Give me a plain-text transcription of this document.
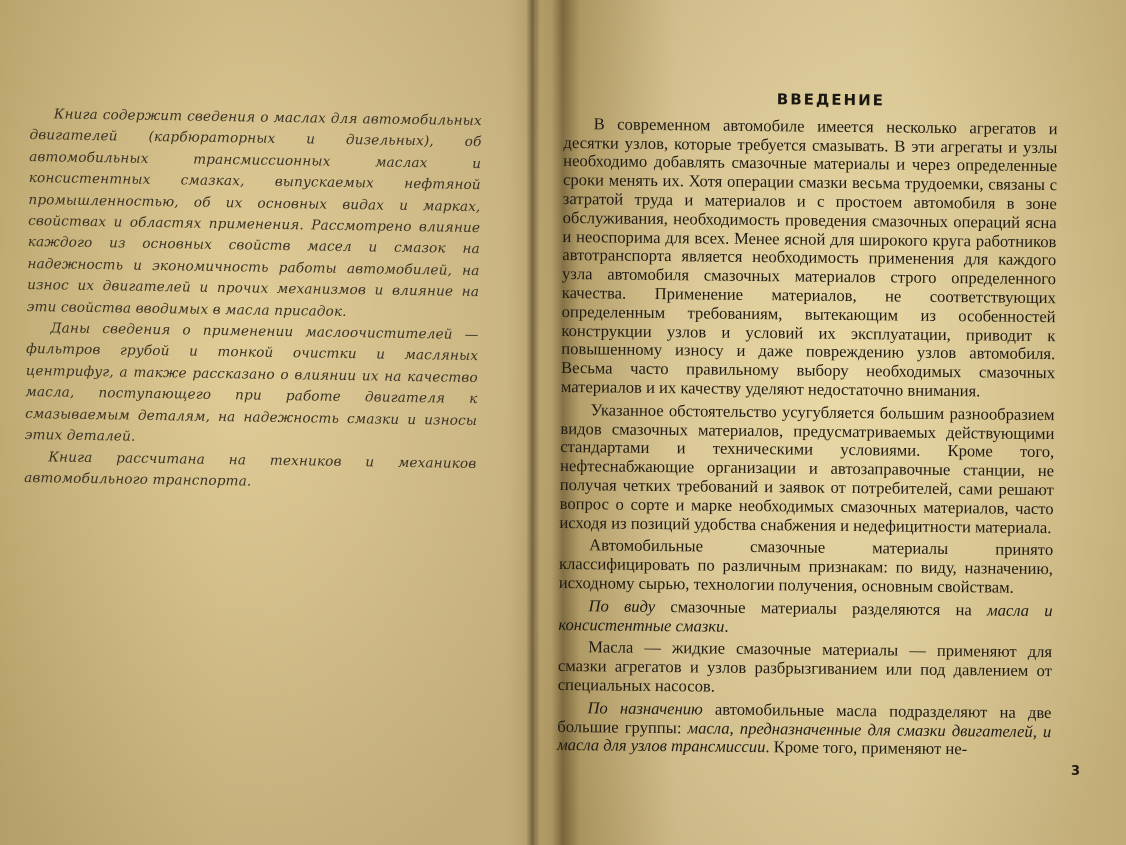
Книга содержит сведения о маслах для автомобильных двигателей (карбюраторных и дизельных), об автомобильных трансмиссионных маслах и консистентных смазках, выпускаемых нефтяной промышленностью, об их основных видах и марках, свойствах и областях применения. Рассмотрено влияние каждого из основных свойств масел и смазок на надежность и экономичность работы автомобилей, на износ их двигателей и прочих механизмов и влияние на эти свойства вводимых в масла присадок.

Даны сведения о применении маслоочистителей — фильтров грубой и тонкой очистки и масляных центрифуг, а также рассказано о влиянии их на качество масла, поступающего при работе двигателя к смазываемым деталям, на надежность смазки и износы этих деталей.

Книга рассчитана на техников и механиков автомобильного транспорта.

ВВЕДЕНИЕ

В современном автомобиле имеется несколько агрегатов и десятки узлов, которые требуется смазывать. В эти агрегаты и узлы необходимо добавлять смазочные материалы и через определенные сроки менять их. Хотя операции смазки весьма трудоемки, связаны с затратой труда и материалов и с простоем автомобиля в зоне обслуживания, необходимость проведения смазочных операций ясна и неоспорима для всех. Менее ясной для широкого круга работников автотранспорта является необходимость применения для каждого узла автомобиля смазочных материалов строго определенного качества. Применение материалов, не соответствующих определенным требованиям, вытекающим из особенностей конструкции узлов и условий их эксплуатации, приводит к повышенному износу и даже повреждению узлов автомобиля. Весьма часто правильному выбору необходимых смазочных материалов и их качеству уделяют недостаточно внимания.

Указанное обстоятельство усугубляется большим разнообразием видов смазочных материалов, предусматриваемых действующими стандартами и техническими условиями. Кроме того, нефтеснабжающие организации и автозаправочные станции, не получая четких требований и заявок от потребителей, сами решают вопрос о сорте и марке необходимых смазочных материалов, часто исходя из позиций удобства снабжения и недефицитности материала.

Автомобильные смазочные материалы принято классифицировать по различным признакам: по виду, назначению, исходному сырью, технологии получения, основным свойствам.

По виду смазочные материалы разделяются на масла и консистентные смазки.

Масла — жидкие смазочные материалы — применяют для смазки агрегатов и узлов разбрызгиванием или под давлением от специальных насосов.

По назначению автомобильные масла подразделяют на две большие группы: масла, предназначенные для смазки двигателей, и масла для узлов трансмиссии. Кроме того, применяют не-

3
